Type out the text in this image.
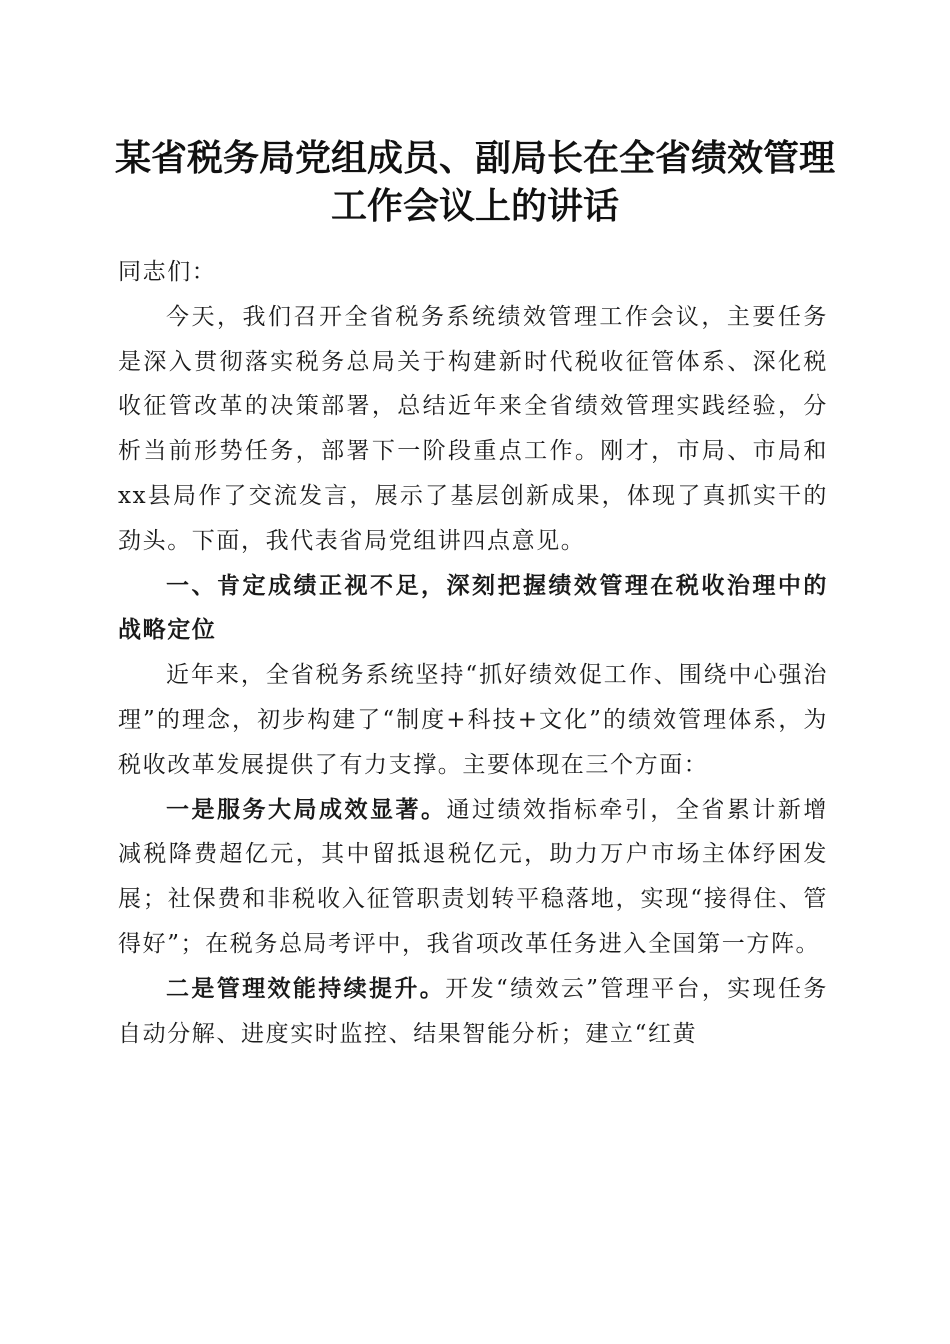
某省税务局党组成员、副局长在全省绩效管理
工作会议上的讲话

同志们：

今天，我们召开全省税务系统绩效管理工作会议，主要任务是深入贯彻落实税务总局关于构建新时代税收征管体系、深化税收征管改革的决策部署，总结近年来全省绩效管理实践经验，分析当前形势任务，部署下一阶段重点工作。刚才，市局、市局和xx县局作了交流发言，展示了基层创新成果，体现了真抓实干的劲头。下面，我代表省局党组讲四点意见。

一、肯定成绩正视不足，深刻把握绩效管理在税收治理中的战略定位

近年来，全省税务系统坚持“抓好绩效促工作、围绕中心强治理”的理念，初步构建了“制度+科技+文化”的绩效管理体系，为税收改革发展提供了有力支撑。主要体现在三个方面：

一是服务大局成效显著。通过绩效指标牵引，全省累计新增减税降费超亿元，其中留抵退税亿元，助力万户市场主体纾困发展；社保费和非税收入征管职责划转平稳落地，实现“接得住、管得好”；在税务总局考评中，我省项改革任务进入全国第一方阵。

二是管理效能持续提升。开发“绩效云”管理平台，实现任务自动分解、进度实时监控、结果智能分析；建立“红黄
